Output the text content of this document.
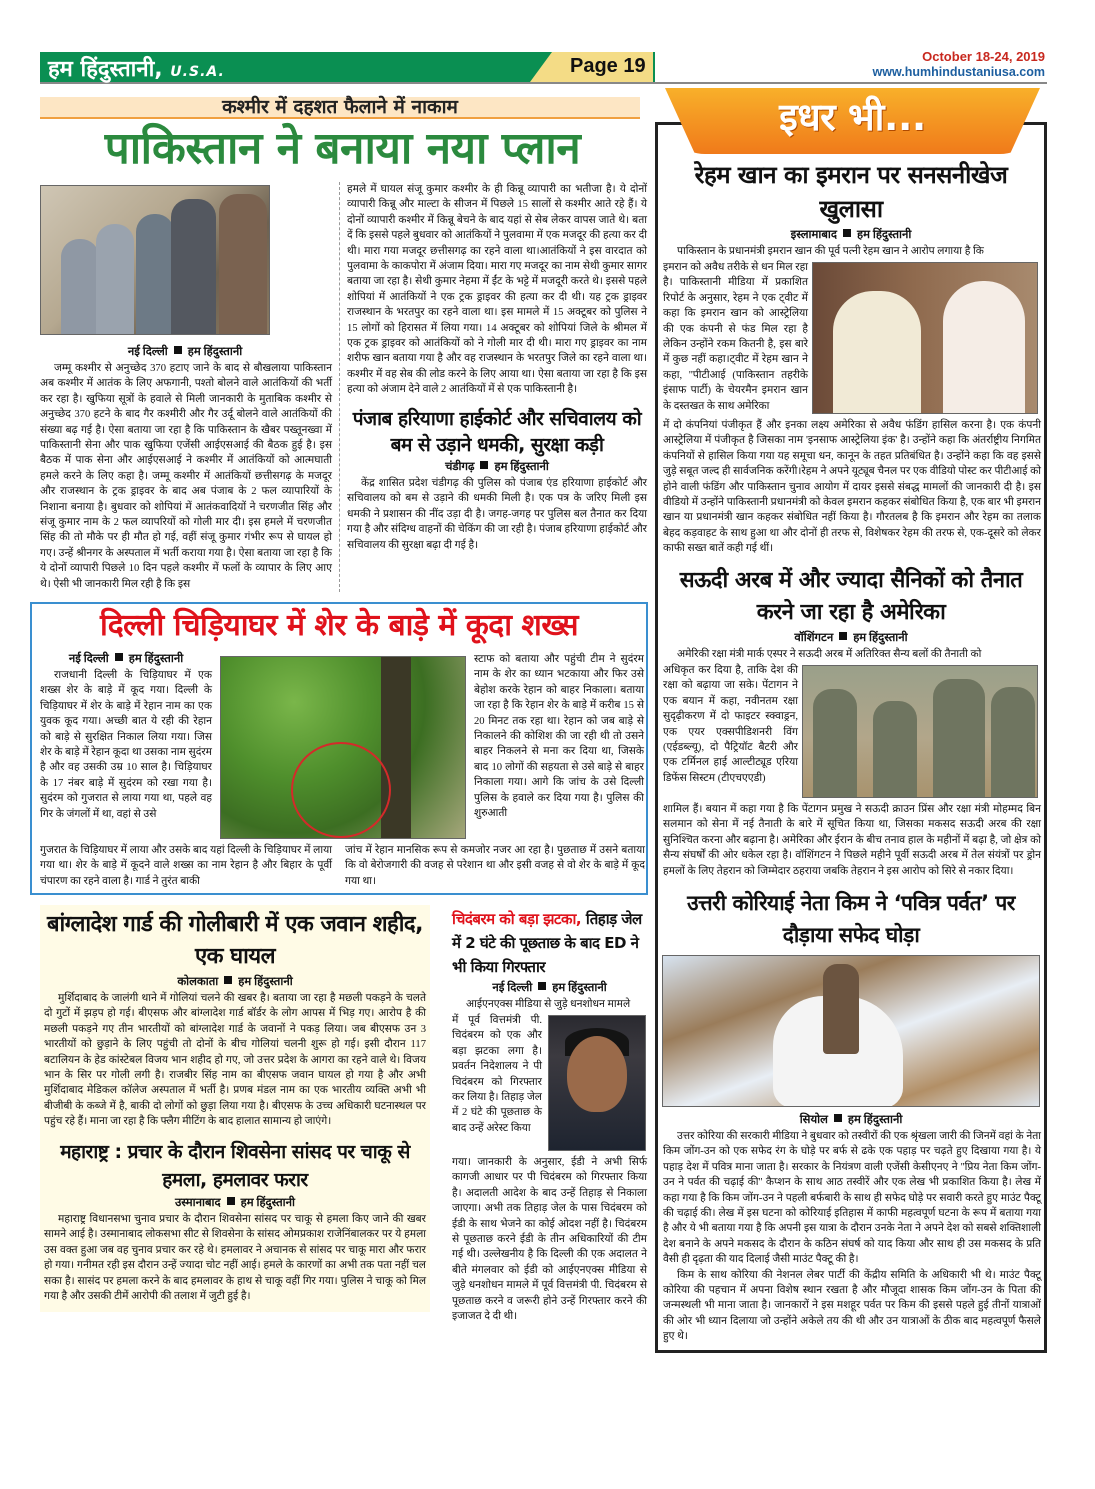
हम हिंदुस्तानी, U.S.A.	Page 19	October 18-24, 2019
www.humhindustaniusa.com
कश्मीर में दहशत फैलाने में नाकाम
पाकिस्तान ने बनाया नया प्लान
नई दिल्ली हम हिंदुस्तानी
जम्मू कश्मीर से अनुच्छेद 370 हटाए जाने के बाद से बौखलाया पाकिस्तान अब कश्मीर में आतंक के लिए अफगानी, पश्तो बोलने वाले आतंकियों की भर्ती कर रहा है। खुफिया सूत्रों के हवाले से मिली जानकारी के मुताबिक कश्मीर से अनुच्छेद 370 हटने के बाद गैर कश्मीरी और गैर उर्दू बोलने वाले आतंकियों की संख्या बढ़ गई है। ऐसा बताया जा रहा है कि पाकिस्तान के खैबर पख्तूनख्वा में पाकिस्तानी सेना और पाक खुफिया एजेंसी आईएसआई की बैठक हुई है। इस बैठक में पाक सेना और आईएसआई ने कश्मीर में आतंकियों को आत्मघाती हमले करने के लिए कहा है। जम्मू कश्मीर में आतंकियों छत्तीसगढ़ के मजदूर और राजस्थान के ट्रक ड्राइवर के बाद अब पंजाब के 2 फल व्यापारियों के निशाना बनाया है। बुधवार को शोपियां में आतंकवादियों ने चरणजीत सिंह और संजू कुमार नाम के 2 फल व्यापरियों को गोली मार दी। इस हमले में चरणजीत सिंह की तो मौके पर ही मौत हो गई, वहीं संजू कुमार गंभीर रूप से घायल हो गए। उन्हें श्रीनगर के अस्पताल में भर्ती कराया गया है। ऐसा बताया जा रहा है कि ये दोनों व्यापारी पिछले 10 दिन पहले कश्मीर में फलों के व्यापार के लिए आए थे। ऐसी भी जानकारी मिल रही है कि इस
हमले में घायल संजू कुमार कश्मीर के ही किन्नू व्यापारी का भतीजा है। ये दोनों व्यापारी किन्नू और माल्टा के सीजन में पिछले 15 सालों से कश्मीर आते रहे हैं। ये दोनों व्यापारी कश्मीर में किन्नू बेचने के बाद यहां से सेब लेकर वापस जाते थे। बता दें कि इससे पहले बुधवार को आतंकियों ने पुलवामा में एक मजदूर की हत्या कर दी थी। मारा गया मजदूर छत्तीसगढ़ का रहने वाला था।आतंकियों ने इस वारदात को पुलवामा के काकपोरा में अंजाम दिया। मारा गए मजदूर का नाम सेथी कुमार सागर बताया जा रहा है। सेथी कुमार नेहमा में ईंट के भट्टे में मजदूरी करते थे। इससे पहले शोपियां में आतंकियों ने एक ट्रक ड्राइवर की हत्या कर दी थी। यह ट्रक ड्राइवर राजस्थान के भरतपुर का रहने वाला था। इस मामले में 15 अक्टूबर को पुलिस ने 15 लोगों को हिरासत में लिया गया। 14 अक्टूबर को शोपियां जिले के श्रीमल में एक ट्रक ड्राइवर को आतंकियों को ने गोली मार दी थी। मारा गए ड्राइवर का नाम शरीफ खान बताया गया है और वह राजस्थान के भरतपुर जिले का रहने वाला था। कश्मीर में वह सेब की लोड करने के लिए आया था। ऐसा बताया जा रहा है कि इस हत्या को अंजाम देने वाले 2 आतंकियों में से एक पाकिस्तानी है।
पंजाब हरियाणा हाईकोर्ट और सचिवालय को बम से उड़ाने धमकी, सुरक्षा कड़ी
चंडीगढ़ हम हिंदुस्तानी
केंद्र शासित प्रदेश चंडीगढ़ की पुलिस को पंजाब एंड हरियाणा हाईकोर्ट और सचिवालय को बम से उड़ाने की धमकी मिली है। एक पत्र के जरिए मिली इस धमकी ने प्रशासन की नींद उड़ा दी है। जगह-जगह पर पुलिस बल तैनात कर दिया गया है और संदिग्ध वाहनों की चेकिंग की जा रही है। पंजाब हरियाणा हाईकोर्ट और सचिवालय की सुरक्षा बढ़ा दी गई है।
दिल्ली चिड़ियाघर में शेर के बाड़े में कूदा शख्स
नई दिल्ली हम हिंदुस्तानी
राजधानी दिल्ली के चिड़ियाघर में एक शख्स शेर के बाड़े में कूद गया। दिल्ली के चिड़ियाघर में शेर के बाड़े में रेहान नाम का एक युवक कूद गया। अच्छी बात ये रही की रेहान को बाड़े से सुरक्षित निकाल लिया गया। जिस शेर के बाड़े में रेहान कूदा था उसका नाम सुदंरम है और वह उसकी उम्र 10 साल है। चिड़ियाघर के 17 नंबर बाड़े में सुदंरम को रखा गया है। सुदंरम को गुजरात से लाया गया था, पहले वह गिर के जंगलों में था, वहां से उसे
स्टाफ को बताया और पहुंची टीम ने सुदंरम नाम के शेर का ध्यान भटकाया और फिर उसे बेहोश करके रेहान को बाहर निकाला। बताया जा रहा है कि रेहान शेर के बाड़े में करीब 15 से 20 मिनट तक रहा था। रेहान को जब बाड़े से निकालने की कोशिश की जा रही थी तो उसने बाहर निकलने से मना कर दिया था, जिसके बाद 10 लोगों की सहयता से उसे बाड़े से बाहर निकाला गया। आगे कि जांच के उसे दिल्ली पुलिस के हवाले कर दिया गया है। पुलिस की शुरुआती
गुजरात के चिड़ियाघर में लाया और उसके बाद यहां दिल्ली के चिड़ियाघर में लाया गया था। शेर के बाड़े में कूदने वाले शख्स का नाम रेहान है और बिहार के पूर्वी चंपारण का रहने वाला है। गार्ड ने तुरंत बाकी
जांच में रेहान मानसिक रूप से कमजोर नजर आ रहा है। पुछताछ में उसने बताया कि वो बेरोजगारी की वजह से परेशान था और इसी वजह से वो शेर के बाड़े में कूद गया था।
बांग्लादेश गार्ड की गोलीबारी में एक जवान शहीद, एक घायल
कोलकाता हम हिंदुस्तानी
मुर्शिदाबाद के जालंगी थाने में गोलियां चलने की खबर है। बताया जा रहा है मछली पकड़ने के चलते दो गुटों में झड़प हो गई। बीएसफ और बांग्लादेश गार्ड बॉर्डर के लोग आपस में भिड़ गए। आरोप है की मछली पकड़ने गए तीन भारतीयों को बांग्लादेश गार्ड के जवानों ने पकड़ लिया। जब बीएसफ उन 3 भारतीयों को छुड़ाने के लिए पहुंची तो दोनों के बीच गोलियां चलनी शुरू हो गई। इसी दौरान 117 बटालियन के हेड कांस्टेबल विजय भान शहीद हो गए, जो उत्तर प्रदेश के आगरा का रहने वाले थे। विजय भान के सिर पर गोली लगी है। राजबीर सिंह नाम का बीएसफ जवान घायल हो गया है और अभी मुर्शिदाबाद मेडिकल कॉलेज अस्पताल में भर्ती है। प्रणब मंडल नाम का एक भारतीय व्यक्ति अभी भी बीजीबी के कब्जे में है, बाकी दो लोगों को छुड़ा लिया गया है। बीएसफ के उच्च अधिकारी घटनास्थल पर पहुंच रहे हैं। माना जा रहा है कि फ्लैग मीटिंग के बाद हालात सामान्य हो जाएंगे।
महाराष्ट्र : प्रचार के दौरान शिवसेना सांसद पर चाकू से हमला, हमलावर फरार
उस्मानाबाद हम हिंदुस्तानी
महाराष्ट्र विधानसभा चुनाव प्रचार के दौरान शिवसेना सांसद पर चाकू से हमला किए जाने की खबर सामने आई है। उस्मानाबाद लोकसभा सीट से शिवसेना के सांसद ओमप्रकाश राजेनिंबालकर पर ये हमला उस वक्त हुआ जब वह चुनाव प्रचार कर रहे थे। हमलावर ने अचानक से सांसद पर चाकू मारा और फरार हो गया। गनीमत रही इस दौरान उन्हें ज्यादा चोट नहीं आई। हमले के कारणों का अभी तक पता नहीं चल सका है। सासंद पर हमला करने के बाद हमलावर के हाथ से चाकू वहीं गिर गया। पुलिस ने चाकू को मिल गया है और उसकी टीमें आरोपी की तलाश में जुटी हुई है।
चिदंबरम को बड़ा झटका, तिहाड़ जेल में 2 घंटे की पूछताछ के बाद ED ने भी किया गिरफ्तार
नई दिल्ली हम हिंदुस्तानी
आईएनएक्स मीडिया से जुड़े धनशोधन मामले
में पूर्व वित्तमंत्री पी. चिदंबरम को एक और बड़ा झटका लगा है। प्रवर्तन निदेशालय ने पी चिदंबरम को गिरफ्तार कर लिया है। तिहाड़ जेल में 2 घंटे की पूछताछ के बाद उन्हें अरेस्ट किया
गया। जानकारी के अनुसार, ईडी ने अभी सिर्फ कागजी आधार पर पी चिदंबरम को गिरफ्तार किया है। अदालती आदेश के बाद उन्हें तिहाड़ से निकाला जाएगा। अभी तक तिहाड़ जेल के पास चिदंबरम को ईडी के साथ भेजने का कोई ओदश नहीं है। चिदंबरम से पूछताछ करने ईडी के तीन अधिकारियों की टीम गई थी। उल्लेखनीय है कि दिल्ली की एक अदालत ने बीते मंगलवार को ईडी को आईएनएक्स मीडिया से जुड़े धनशोधन मामले में पूर्व वित्तमंत्री पी. चिदंबरम से पूछताछ करने व जरूरी होने उन्हें गिरफ्तार करने की इजाजत दे दी थी।
इधर भी...
रेहम खान का इमरान पर सनसनीखेज खुलासा
इस्लामाबाद हम हिंदुस्तानी
पाकिस्तान के प्रधानमंत्री इमरान खान की पूर्व पत्नी रेहम खान ने आरोप लगाया है कि
इमरान को अवैध तरीके से धन मिल रहा है। पाकिस्तानी मीडिया में प्रकाशित रिपोर्ट के अनुसार, रेहम ने एक ट्वीट में कहा कि इमरान खान को आस्ट्रेलिया की एक कंपनी से फंड मिल रहा है लेकिन उन्होंने रकम कितनी है, इस बारे में कुछ नहीं कहा।ट्वीट में रेहम खान ने कहा, ''पीटीआई (पाकिस्तान तहरीके इंसाफ पार्टी) के चेयरमैन इमरान खान के दस्तखत के साथ अमेरिका
में दो कंपनियां पंजीकृत हैं और इनका लक्ष्य अमेरिका से अवैध फंडिंग हासिल करना है। एक कंपनी आस्ट्रेलिया में पंजीकृत है जिसका नाम 'इनसाफ आस्ट्रेलिया इंक' है। उन्होंने कहा कि अंतर्राष्ट्रीय निगमित कंपनियों से हासिल किया गया यह समूचा धन, कानून के तहत प्रतिबंधित है। उन्होंने कहा कि वह इससे जुड़े सबूत जल्द ही सार्वजनिक करेंगी।रेहम ने अपने यूट्यूब चैनल पर एक वीडियो पोस्ट कर पीटीआई को होने वाली फंडिंग और पाकिस्तान चुनाव आयोग में दायर इससे संबद्ध मामलों की जानकारी दी है। इस वीडियो में उन्होंने पाकिस्तानी प्रधानमंत्री को केवल इमरान कहकर संबोधित किया है, एक बार भी इमरान खान या प्रधानमंत्री खान कहकर संबोधित नहीं किया है। गौरतलब है कि इमरान और रेहम का तलाक बेहद कड़वाहट के साथ हुआ था और दोनों ही तरफ से, विशेषकर रेहम की तरफ से, एक-दूसरे को लेकर काफी सख्त बातें कही गई थीं।
सऊदी अरब में और ज्यादा सैनिकों को तैनात करने जा रहा है अमेरिका
वॉशिंगटन हम हिंदुस्तानी
अमेरिकी रक्षा मंत्री मार्क एस्पर ने सऊदी अरब में अतिरिक्त सैन्य बलों की तैनाती को
अधिकृत कर दिया है, ताकि देश की रक्षा को बढ़ाया जा सके। पेंटागन ने एक बयान में कहा, नवीनतम रक्षा सुदृढ़ीकरण में दो फाइटर स्क्वाड्रन, एक एयर एक्सपीडिशनरी विंग (एईडब्ल्यू), दो पैट्रियॉट बैटरी और एक टर्मिनल हाई आल्टीट्यूड एरिया डिफेंस सिस्टम (टीएचएएडी)
शामिल हैं। बयान में कहा गया है कि पेंटागन प्रमुख ने सऊदी क्राउन प्रिंस और रक्षा मंत्री मोहम्मद बिन सलमान को सेना में नई तैनाती के बारे में सूचित किया था, जिसका मकसद सऊदी अरब की रक्षा सुनिश्चित करना और बढ़ाना है। अमेरिका और ईरान के बीच तनाव हाल के महीनों में बढ़ा है, जो क्षेत्र को सैन्य संघर्षों की ओर धकेल रहा है। वॉशिंगटन ने पिछले महीने पूर्वी सऊदी अरब में तेल संयंत्रों पर ड्रोन हमलों के लिए तेहरान को जिम्मेदार ठहराया जबकि तेहरान ने इस आरोप को सिरे से नकार दिया।
उत्तरी कोरियाई नेता किम ने ‘पवित्र पर्वत’ पर दौड़ाया सफेद घोड़ा
सियोल हम हिंदुस्तानी
उत्तर कोरिया की सरकारी मीडिया ने बुधवार को तस्वीरों की एक श्रृंखला जारी की जिनमें वहां के नेता किम जोंग-उन को एक सफेद रंग के घोड़े पर बर्फ से ढके एक पहाड़ पर चढ़ते हुए दिखाया गया है। ये पहाड़ देश में पवित्र माना जाता है। सरकार के नियंत्रण वाली एजेंसी केसीएनए ने ''प्रिय नेता किम जोंग-उन ने पर्वत की चढ़ाई की'' कैप्शन के साथ आठ तस्वीरें और एक लेख भी प्रकाशित किया है। लेख में कहा गया है कि किम जोंग-उन ने पहली बर्फबारी के साथ ही सफेद घोड़े पर सवारी करते हुए माउंट पैक्टू की चढ़ाई की। लेख में इस घटना को कोरियाई इतिहास में काफी महत्वपूर्ण घटना के रूप में बताया गया है और ये भी बताया गया है कि अपनी इस यात्रा के दौरान उनके नेता ने अपने देश को सबसे शक्तिशाली देश बनाने के अपने मकसद के दौरान के कठिन संघर्ष को याद किया और साथ ही उस मकसद के प्रति वैसी ही दृढ़ता की याद दिलाई जैसी माउंट पैक्टू की है।
किम के साथ कोरिया की नेशनल लेबर पार्टी की केंद्रीय समिति के अधिकारी भी थे। माउंट पैक्टू कोरिया की पहचान में अपना विशेष स्थान रखता है और मौजूदा शासक किम जोंग-उन के पिता की जन्मस्थली भी माना जाता है। जानकारों ने इस मशहूर पर्वत पर किम की इससे पहले हुई तीनों यात्राओं की ओर भी ध्यान दिलाया जो उन्होंने अकेले तय की थी और उन यात्राओं के ठीक बाद महत्वपूर्ण फैसले हुए थे।
